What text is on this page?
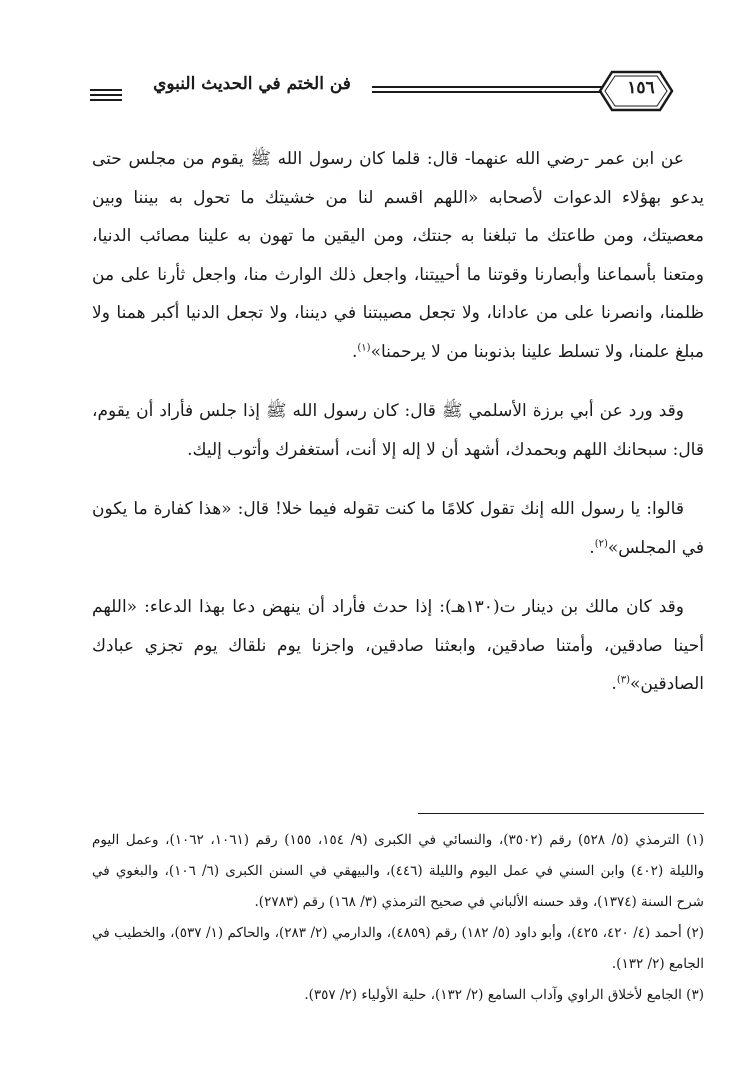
فن الختم في الحديث النبوي	١٥٦

عن ابن عمر -رضي الله عنهما- قال: قلما كان رسول الله ﷺ يقوم من مجلس حتى يدعو بهؤلاء الدعوات لأصحابه «اللهم اقسم لنا من خشيتك ما تحول به بيننا وبين معصيتك، ومن طاعتك ما تبلغنا به جنتك، ومن اليقين ما تهون به علينا مصائب الدنيا، ومتعنا بأسماعنا وأبصارنا وقوتنا ما أحييتنا، واجعل ذلك الوارث منا، واجعل ثأرنا على من ظلمنا، وانصرنا على من عادانا، ولا تجعل مصيبتنا في ديننا، ولا تجعل الدنيا أكبر همنا ولا مبلغ علمنا، ولا تسلط علينا بذنوبنا من لا يرحمنا»$^{(١)}$.

وقد ورد عن أبي برزة الأسلمي ﷺ قال: كان رسول الله ﷺ إذا جلس فأراد أن يقوم، قال: سبحانك اللهم وبحمدك، أشهد أن لا إله إلا أنت، أستغفرك وأتوب إليك.

قالوا: يا رسول الله إنك تقول كلامًا ما كنت تقوله فيما خلا! قال: «هذا كفارة ما يكون في المجلس»$^{(٢)}$.

وقد كان مالك بن دينار ت(١٣٠هـ): إذا حدث فأراد أن ينهض دعا بهذا الدعاء: «اللهم أحينا صادقين، وأمتنا صادقين، وابعثنا صادقين، واجزنا يوم نلقاك يوم تجزي عبادك الصادقين»$^{(٣)}$.

(١) الترمذي (٥/ ٥٢٨) رقم (٣٥٠٢)، والنسائي في الكبرى (٩/ ١٥٤، ١٥٥) رقم (١٠٦١، ١٠٦٢)، وعمل اليوم والليلة (٤٠٢) وابن السني في عمل اليوم والليلة (٤٤٦)، والبيهقي في السنن الكبرى (٦/ ١٠٦)، والبغوي في شرح السنة (١٣٧٤)، وقد حسنه الألباني في صحيح الترمذي (٣/ ١٦٨) رقم (٢٧٨٣).

(٢) أحمد (٤/ ٤٢٠، ٤٢٥)، وأبو داود (٥/ ١٨٢) رقم (٤٨٥٩)، والدارمي (٢/ ٢٨٣)، والحاكم (١/ ٥٣٧)، والخطيب في الجامع (٢/ ١٣٢).

(٣) الجامع لأخلاق الراوي وآداب السامع (٢/ ١٣٢)، حلية الأولياء (٢/ ٣٥٧).
